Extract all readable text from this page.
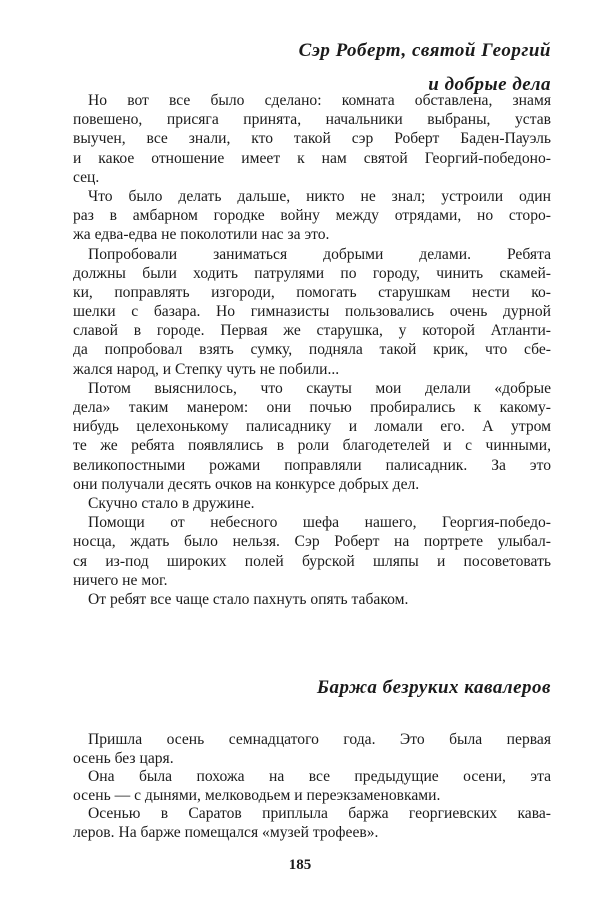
Сэр Роберт, святой Георгий
и добрые дела
Но вот все было сделано: комната обставлена, знамя
повешено, присяга принята, начальники выбраны, устав
выучен, все знали, кто такой сэр Роберт Баден-Пауэль
и какое отношение имеет к нам святой Георгий-победоно-
сец.
Что было делать дальше, никто не знал; устроили один
раз в амбарном городке войну между отрядами, но сторо-
жа едва-едва не поколотили нас за это.
Попробовали заниматься добрыми делами. Ребята
должны были ходить патрулями по городу, чинить скамей-
ки, поправлять изгороди, помогать старушкам нести ко-
шелки с базара. Но гимназисты пользовались очень дурной
славой в городе. Первая же старушка, у которой Атланти-
да попробовал взять сумку, подняла такой крик, что сбе-
жался народ, и Степку чуть не побили...
Потом выяснилось, что скауты мои делали «добрые
дела» таким манером: они почью пробирались к какому-
нибудь целехонькому палисаднику и ломали его. А утром
те же ребята появлялись в роли благодетелей и с чинными,
великопостными рожами поправляли палисадник. За это
они получали десять очков на конкурсе добрых дел.
Скучно стало в дружине.
Помощи от небесного шефа нашего, Георгия-победо-
носца, ждать было нельзя. Сэр Роберт на портрете улыбал-
ся из-под широких полей бурской шляпы и посоветовать
ничего не мог.
От ребят все чаще стало пахнуть опять табаком.
Баржа безруких кавалеров
Пришла осень семнадцатого года. Это была первая
осень без царя.
Она была похожа на все предыдущие осени, эта
осень — с дынями, мелководьем и переэкзаменовками.
Осенью в Саратов приплыла баржа георгиевских кава-
леров. На барже помещался «музей трофеев».
185
